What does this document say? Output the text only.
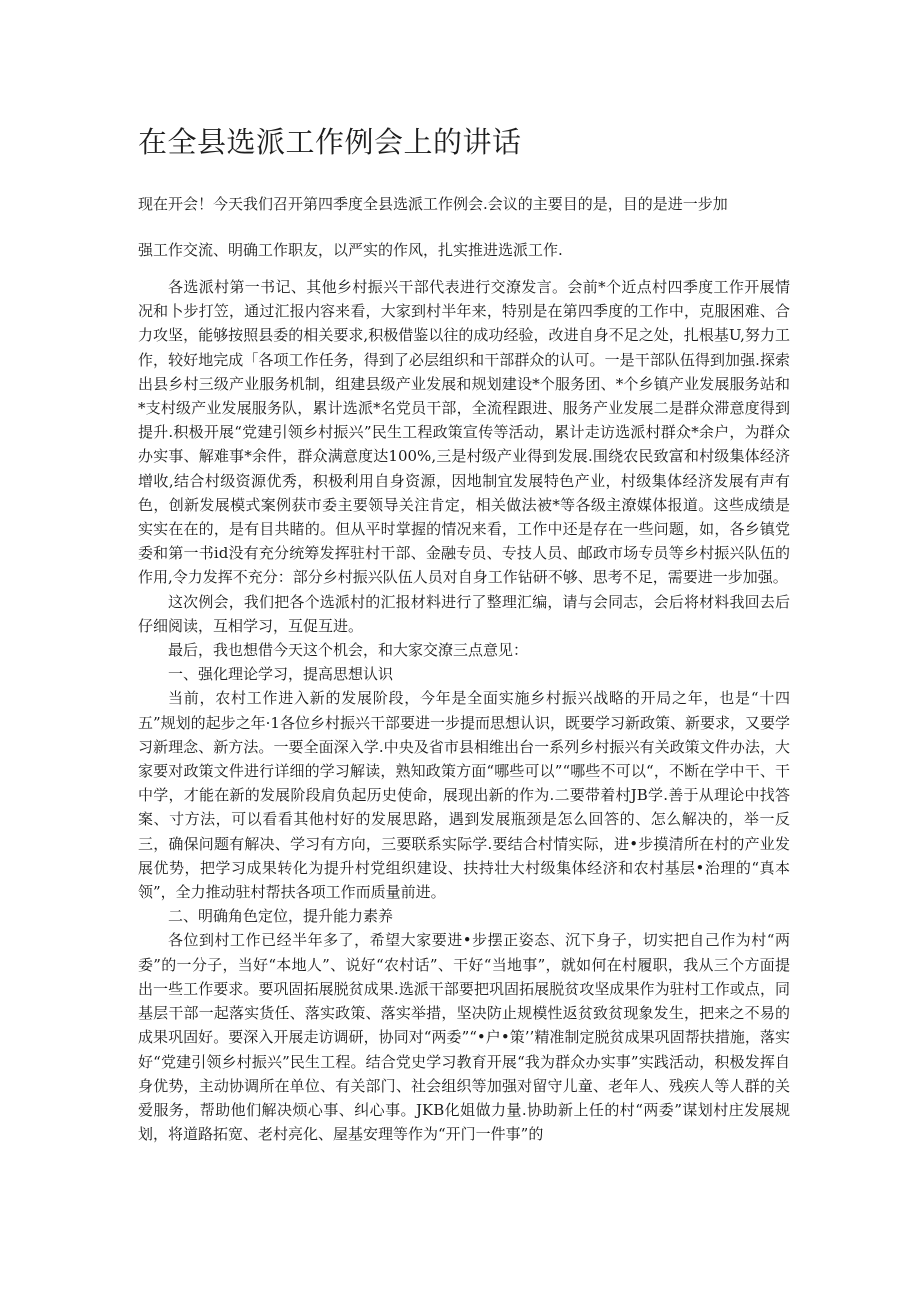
在全县选派工作例会上的讲话

现在开会！今天我们召开第四季度全县选派工作例会.会议的主要目的是，目的是进一步加

强工作交流、明确工作职友，以严实的作风，扎实推进选派工作.

各选派村第一书记、其他乡村振兴干部代表进行交潦发言。会前*个近点村四季度工作开展情况和卜步打笠，通过汇报内容来看，大家到村半年来，特别是在第四季度的工作中，克服困难、合力攻坚，能够按照县委的相关要求,积极借鉴以往的成功经验，改进自身不足之处，扎根基U,努力工作，较好地完成「各项工作任务，得到了必层组织和干部群众的认可。一是干部队伍得到加强.探索出县乡村三级产业服务机制，组建县级产业发展和规划建设*个服务团、*个乡镇产业发展服务站和*支村级产业发展服务队，累计选派*名党员干部，全流程跟进、服务产业发展二是群众滞意度得到提升.积极开展“党建引领乡村振兴”民生工程政策宣传等活动，累计走访选派村群众*余户，为群众办实事、解难事*余件，群众满意度达100%,三是村级产业得到发展.围绕农民致富和村级集体经济增收,结合村级资源优秀，积极利用自身资源，因地制宜发展特色产业，村级集体经济发展有声有色，创新发展模式案例获市委主要领导关注肯定，相关做法被*等各级主潦媒体报道。这些成绩是实实在在的，是有目共睹的。但从平时掌握的情况来看，工作中还是存在一些问题，如，各乡镇党委和第一书id没有充分统筹发挥驻村干部、金融专员、专技人员、邮政市场专员等乡村振兴队伍的作用,令力发挥不充分：部分乡村振兴队伍人员对自身工作钻研不够、思考不足，需要进一步加强。

这次例会，我们把各个选派村的汇报材料进行了整理汇编，请与会同志，会后将材料我回去后仔细阅读，互相学习，互促互进。

最后，我也想借今天这个机会，和大家交潦三点意见：

一、强化理论学习，提高思想认识

当前，农村工作进入新的发展阶段，今年是全面实施乡村振兴战略的开局之年，也是“十四五”规划的起步之年·1各位乡村振兴干部要进一步提而思想认识，既要学习新政策、新要求，又要学习新理念、新方法。一要全面深入学.中央及省市县相维出台一系列乡村振兴有关政策文件办法，大家要对政策文件进行详细的学习解读，熟知政策方面“哪些可以”“哪些不可以“，不断在学中干、干中学，才能在新的发展阶段肩负起历史使命，展现出新的作为.二要带着村JB学.善于从理论中找答案、寸方法，可以看看其他村好的发展思路，遇到发展瓶颈是怎么回答的、怎么解决的，举一反三，确保问题有解决、学习有方向，三要联系实际学.要结合村情实际，进•步摸清所在村的产业发展优势，把学习成果转化为提升村党组织建设、扶持壮大村级集体经济和农村基层•治理的“真本领”，全力推动驻村帮扶各项工作而质量前进。

二、明确角色定位，提升能力素养

各位到村工作已经半年多了，希望大家要进•步摆正姿态、沉下身子，切实把自己作为村“两委”的一分子，当好“本地人”、说好“农村话”、干好“当地事”，就如何在村履职，我从三个方面提出一些工作要求。要巩固拓展脱贫成果.选派干部要把巩固拓展脱贫攻坚成果作为驻村工作或点，同基层干部一起落实货任、落实政策、落实举措，坚决防止规模性返贫致贫现象发生，把来之不易的成果巩固好。要深入开展走访调研，协同对“两委”“•户•策’’精准制定脱贫成果巩固帮扶措施，落实好“党建引领乡村振兴”民生工程。结合党史学习教育开展“我为群众办实事”实践活动，积极发挥自身优势，主动协调所在单位、有关部门、社会组织等加强对留守儿童、老年人、残疾人等人群的关爱服务，帮助他们解决烦心事、纠心事。JKB化姐做力量.协助新上任的村“两委”谋划村庄发展规划，将道路拓宽、老村亮化、屋基安理等作为“开门一件事”的
